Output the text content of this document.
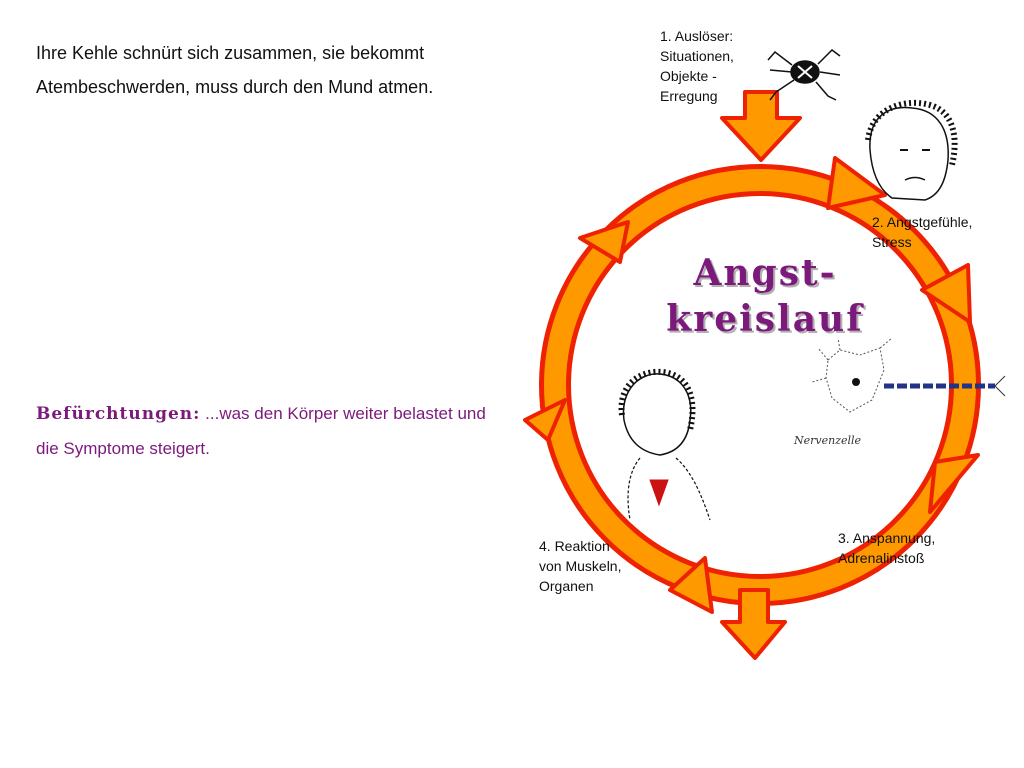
Ihre Kehle schnürt sich zusammen, sie bekommt Atembeschwerden, muss durch den Mund atmen.
Befürchtungen: ...was den Körper weiter belastet und die Symptome steigert.
Angst-
kreislauf
1. Auslöser:
Situationen,
Objekte -
Erregung
2. Angstgefühle,
Stress
3. Anspannung,
Adrenalinstoß
4. Reaktion
von Muskeln,
Organen
Nervenzelle
